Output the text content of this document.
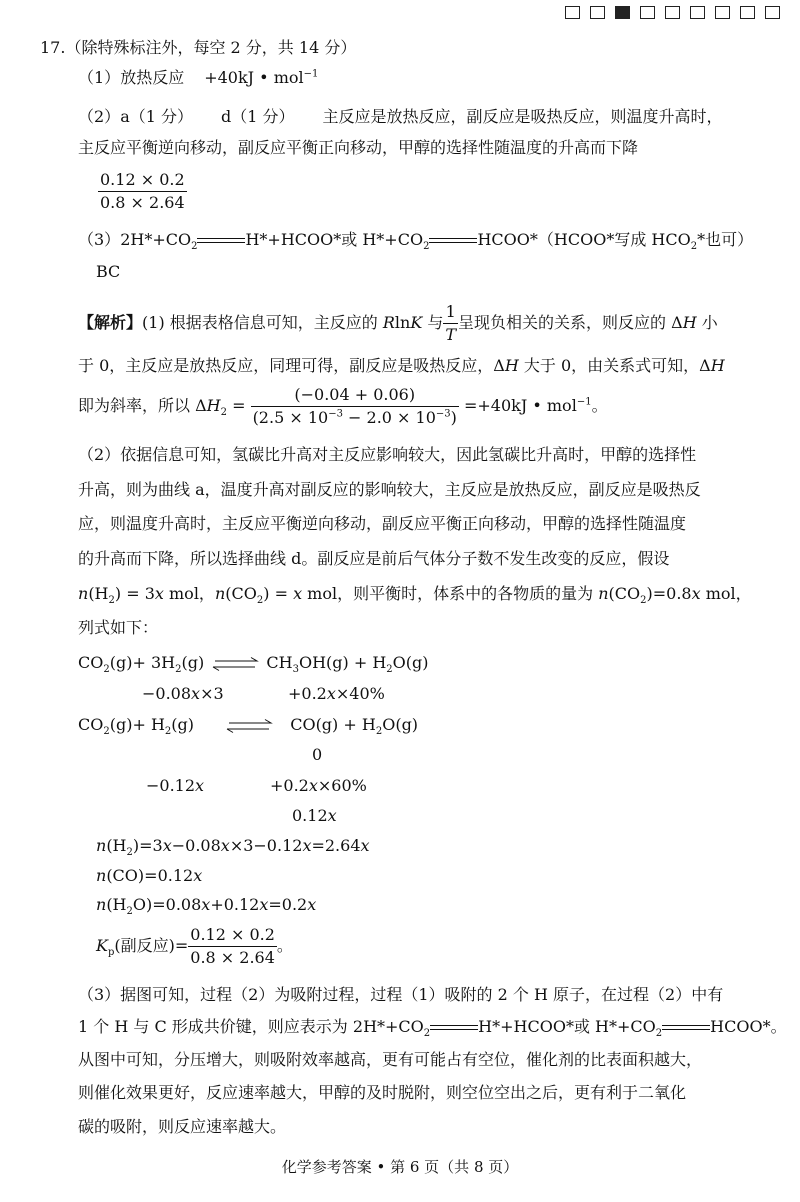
17.（除特殊标注外，每空 2 分，共 14 分）
（1）放热反应 +40kJ • mol$^{-1}$
（2）a（1 分） d（1 分） 主反应是放热反应，副反应是吸热反应，则温度升高时，
主反应平衡逆向移动，副反应平衡正向移动，甲醇的选择性随温度的升高而下降
$\frac{0.12 \times 0.2}{0.8 \times 2.64}$
$(3)2H*+CO_2$	H*+HCOO*或 $H*+CO_2$	HCOO*（HCOO*写成 $HCO_2*$也可）
BC
【解析】(1) 根据表格信息可知，主反应的 RlnK 与 $\frac{1}{T}$ 呈现负相关的关系，则反应的 ΔH 小
于 0，主反应是放热反应，同理可得，副反应是吸热反应，ΔH 大于 0，由关系式可知，ΔH
即为斜率，所以 $\Delta H_2 = \frac{(-0.04 + 0.06)}{(2.5 \times 10^{-3} - 2.0 \times 10^{-3})} =+40kJ$ • mol$^{-1}$。
（2）依据信息可知，氢碳比升高对主反应影响较大，因此氢碳比升高时，甲醇的选择性
升高，则为曲线 a，温度升高对副反应的影响较大，主反应是放热反应，副反应是吸热反
应，则温度升高时，主反应平衡逆向移动，副反应平衡正向移动，甲醇的选择性随温度
的升高而下降，所以选择曲线 d。副反应是前后气体分子数不发生改变的反应，假设
$n(H_2) = 3x$ mol，$n(CO_2) = x$ mol，则平衡时，体系中的各物质的量为 $n(CO_2)=0.8x$ mol，
列式如下：
$CO_2(g)+ 3H_2(g)$ ⇌ $CH_3OH(g) + H_2O(g)$
−0.08x×3	+0.2x×40%
$CO_2(g)+ H_2(g)$ ⇌ $CO(g) + H_2O(g)$
0
−0.12x	+0.2x×60%
0.12x
$n(H_2)=3x-0.08x\times 3-0.12x=2.64x$
n(CO)=0.12x
$n(H_2O)=0.08x+0.12x=0.2x$
$K_p$(副反应)= $\frac{0.12 \times 0.2}{0.8 \times 2.64}$ 。
（3）据图可知，过程（2）为吸附过程，过程（1）吸附的 2 个 H 原子，在过程（2）中有
1 个 H 与 C 形成共价键，则应表示为 $2H*+CO_2$	H*+HCOO*或 $H*+CO_2$	HCOO*。
从图中可知，分压增大，则吸附效率越高，更有可能占有空位，催化剂的比表面积越大，
则催化效果更好，反应速率越大，甲醇的及时脱附，则空位空出之后，更有利于二氧化
碳的吸附，则反应速率越大。
化学参考答案 • 第 6 页（共 8 页）
